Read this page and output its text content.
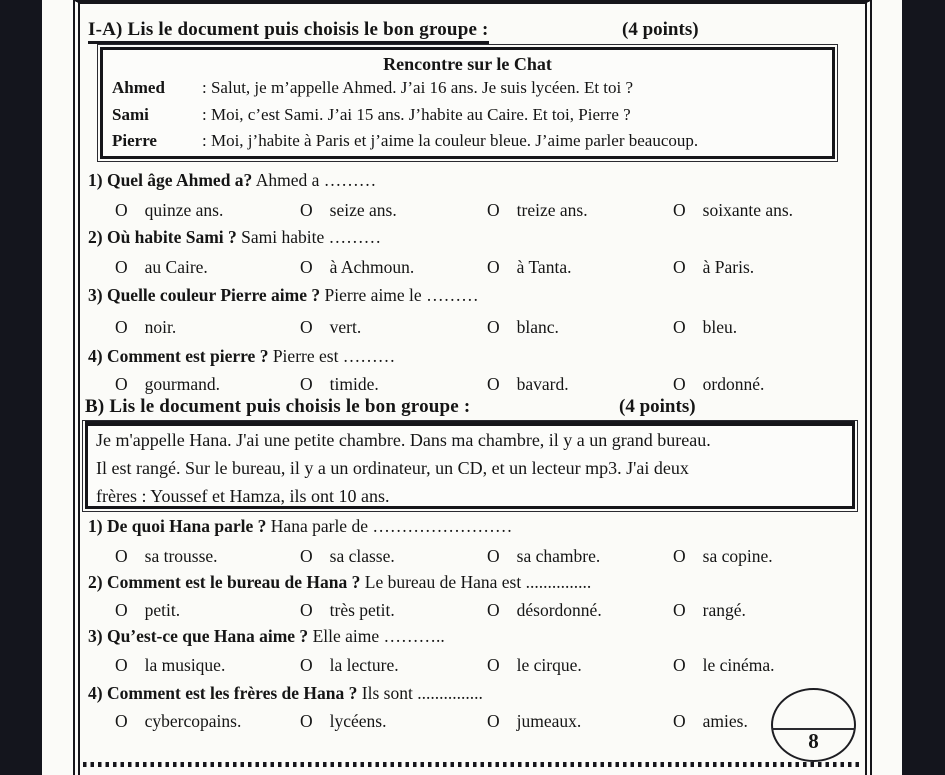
I-A) Lis le document puis choisis le bon groupe :	(4 points)
Rencontre sur le Chat
Ahmed	: Salut, je m’appelle Ahmed. J’ai 16 ans. Je suis lycéen. Et toi ?
Sami	: Moi, c’est Sami. J’ai 15 ans. J’habite au Caire. Et toi, Pierre ?
Pierre	: Moi, j’habite à Paris et j’aime la couleur bleue. J’aime parler beaucoup.
1) Quel âge Ahmed a? Ahmed a ………
O quinze ans.	O seize ans.	O treize ans.	O soixante ans.
2) Où habite Sami ? Sami habite ………
O au Caire.	O à Achmoun.	O à Tanta.	O à Paris.
3) Quelle couleur Pierre aime ? Pierre aime le ………
O noir.	O vert.	O blanc.	O bleu.
4) Comment est pierre ? Pierre est ………
O gourmand.	O timide.	O bavard.	O ordonné.
B) Lis le document puis choisis le bon groupe :	(4 points)
Je m'appelle Hana. J'ai une petite chambre. Dans ma chambre, il y a un grand bureau.
Il est rangé. Sur le bureau, il y a un ordinateur, un CD, et un lecteur mp3. J'ai deux
frères : Youssef et Hamza, ils ont 10 ans.
1) De quoi Hana parle ? Hana parle de ……………………
O sa trousse.	O sa classe.	O sa chambre.	O sa copine.
2) Comment est le bureau de Hana ? Le bureau de Hana est ...............
O petit.	O très petit.	O désordonné.	O rangé.
3) Qu’est-ce que Hana aime ? Elle aime ………..
O la musique.	O la lecture.	O le cirque.	O le cinéma.
4) Comment est les frères de Hana ? Ils sont ...............
O cybercopains.	O lycéens.	O jumeaux.	O amies.
8
